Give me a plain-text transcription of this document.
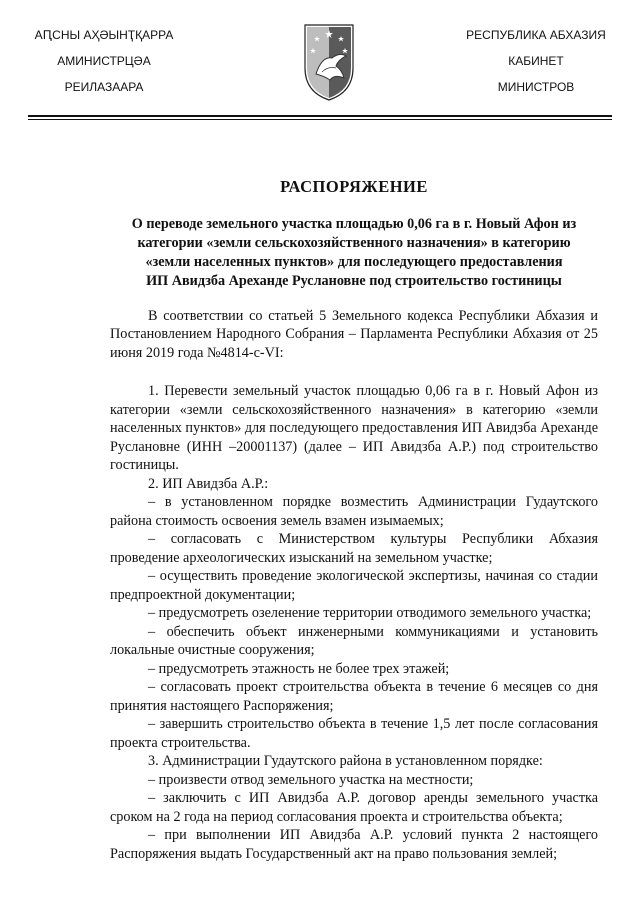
АԤСНЫ АҲӘЫНҬҚАРРА
АМИНИСТРЦӘА
РЕИЛАЗААРА
РЕСПУБЛИКА АБХАЗИЯ
КАБИНЕТ
МИНИСТРОВ
РАСПОРЯЖЕНИЕ
О переводе земельного участка площадью 0,06 га в г. Новый Афон из
категории «земли сельскохозяйственного назначения» в категорию
«земли населенных пунктов» для последующего предоставления
ИП Авидзба Арехандe Руслановне под строительство гостиницы

В соответствии со статьей 5 Земельного кодекса Республики Абхазия и Постановлением Народного Собрания – Парламента Республики Абхазия от 25 июня 2019 года №4814-с-VI:

1. Перевести земельный участок площадью 0,06 га в г. Новый Афон из категории «земли сельскохозяйственного назначения» в категорию «земли населенных пунктов» для последующего предоставления ИП Авидзба Арехандe Руслановне (ИНН –20001137) (далее – ИП Авидзба А.Р.) под строительство гостиницы.

2. ИП Авидзба А.Р.:

– в установленном порядке возместить Администрации Гудаутского района стоимость освоения земель взамен изымаемых;

– согласовать с Министерством культуры Республики Абхазия проведение археологических изысканий на земельном участке;

– осуществить проведение экологической экспертизы, начиная со стадии предпроектной документации;

– предусмотреть озеленение территории отводимого земельного участка;

– обеспечить объект инженерными коммуникациями и установить локальные очистные сооружения;

– предусмотреть этажность не более трех этажей;

– согласовать проект строительства объекта в течение 6 месяцев со дня принятия настоящего Распоряжения;

– завершить строительство объекта в течение 1,5 лет после согласования проекта строительства.

3. Администрации Гудаутского района в установленном порядке:

– произвести отвод земельного участка на местности;

– заключить с ИП Авидзба А.Р. договор аренды земельного участка сроком на 2 года на период согласования проекта и строительства объекта;

– при выполнении ИП Авидзба А.Р. условий пункта 2 настоящего Распоряжения выдать Государственный акт на право пользования землей;
